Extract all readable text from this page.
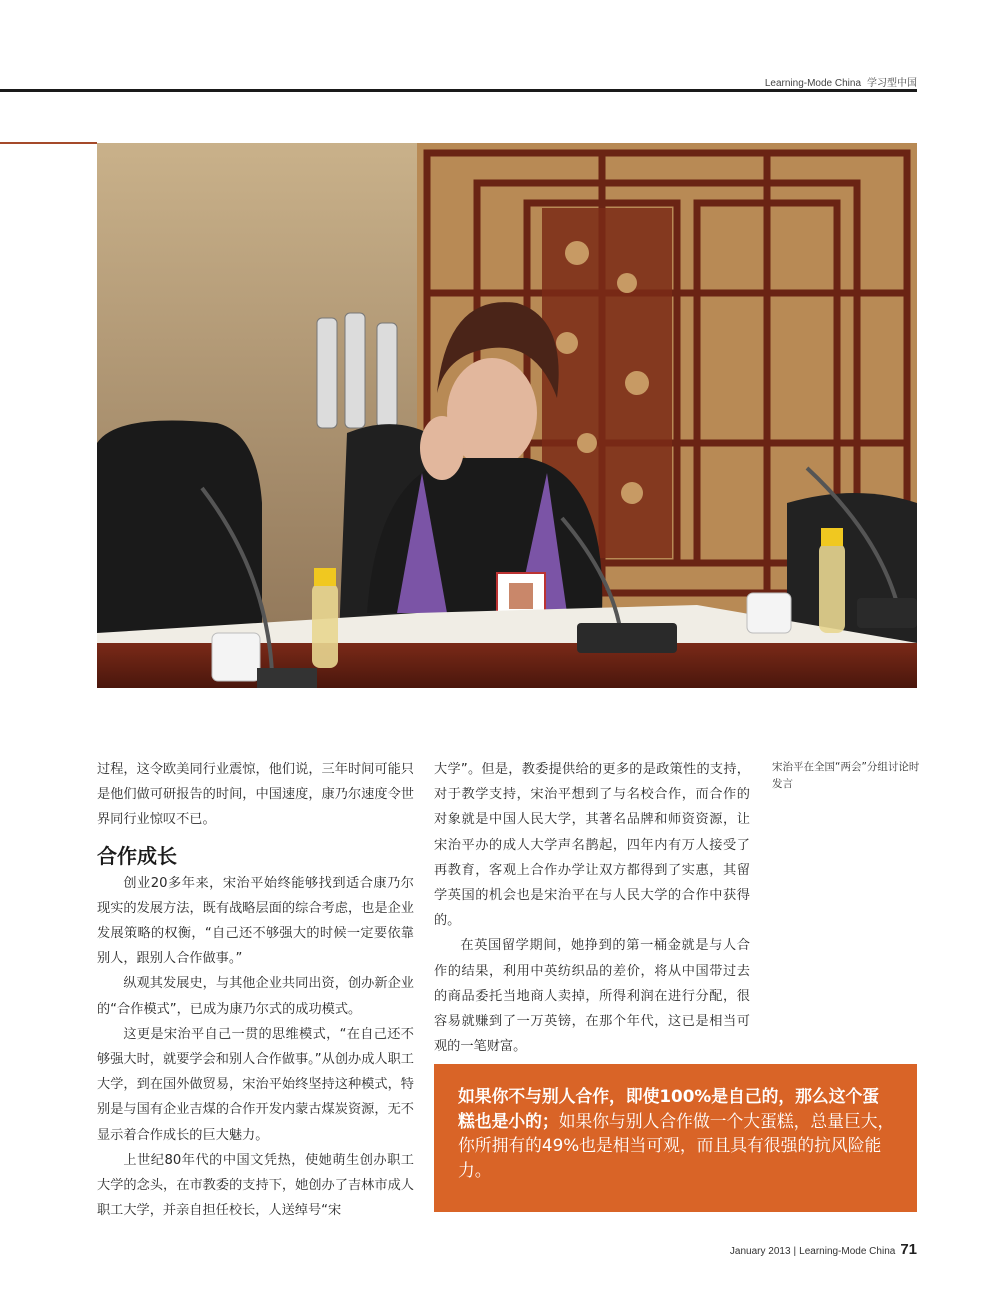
Learning-Mode China 学习型中国

过程，这令欧美同行业震惊，他们说，三年时间可能只是他们做可研报告的时间，中国速度，康乃尔速度令世界同行业惊叹不已。

合作成长

创业20多年来，宋治平始终能够找到适合康乃尔现实的发展方法，既有战略层面的综合考虑，也是企业发展策略的权衡，“自己还不够强大的时候一定要依靠别人，跟别人合作做事。”

纵观其发展史，与其他企业共同出资，创办新企业的“合作模式”，已成为康乃尔式的成功模式。

这更是宋治平自己一贯的思维模式，“在自己还不够强大时，就要学会和别人合作做事。”从创办成人职工大学，到在国外做贸易，宋治平始终坚持这种模式，特别是与国有企业吉煤的合作开发内蒙古煤炭资源，无不显示着合作成长的巨大魅力。

上世纪80年代的中国文凭热，使她萌生创办职工大学的念头，在市教委的支持下，她创办了吉林市成人职工大学，并亲自担任校长，人送绰号“宋

大学”。但是，教委提供给的更多的是政策性的支持，对于教学支持，宋治平想到了与名校合作，而合作的对象就是中国人民大学，其著名品牌和师资资源，让宋治平办的成人大学声名鹊起，四年内有万人接受了再教育，客观上合作办学让双方都得到了实惠，其留学英国的机会也是宋治平在与人民大学的合作中获得的。

在英国留学期间，她挣到的第一桶金就是与人合作的结果，利用中英纺织品的差价，将从中国带过去的商品委托当地商人卖掉，所得利润在进行分配，很容易就赚到了一万英镑，在那个年代，这已是相当可观的一笔财富。

宋治平在全国“两会”分组讨论时发言
如果你不与别人合作，即使100%是自己的，那么这个蛋糕也是小的；如果你与别人合作做一个大蛋糕，总量巨大，你所拥有的49%也是相当可观，而且具有很强的抗风险能力。
January 2013 | Learning-Mode China 71
